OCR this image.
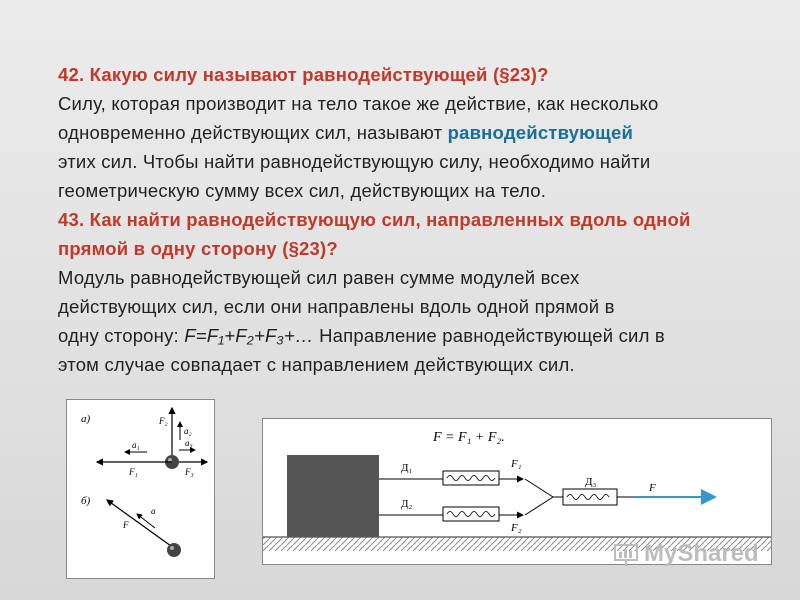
42. Какую силу называют равнодействующей (§23)?
Силу, которая производит на тело такое же действие, как несколько
одновременно действующих сил, называют равнодействующей
этих сил. Чтобы найти равнодействующую силу, необходимо найти
геометрическую сумму всех сил, действующих на тело.
43. Как найти равнодействующую сил, направленных вдоль одной
прямой в одну сторону (§23)?
Модуль равнодействующей сил равен сумме модулей всех
действующих сил, если они направлены вдоль одной прямой в
одну сторону: F=F₁+F₂+F₃+… Направление равнодействующей сил в
этом случае совпадает с направлением действующих сил.
а)	F₂
a₂
a₁	a₃
F₁	F₃
б)
F
a
F = F₁ + F₂.
Д₁
Д₂
F₁
F₂
Д₃	F
MyShared
